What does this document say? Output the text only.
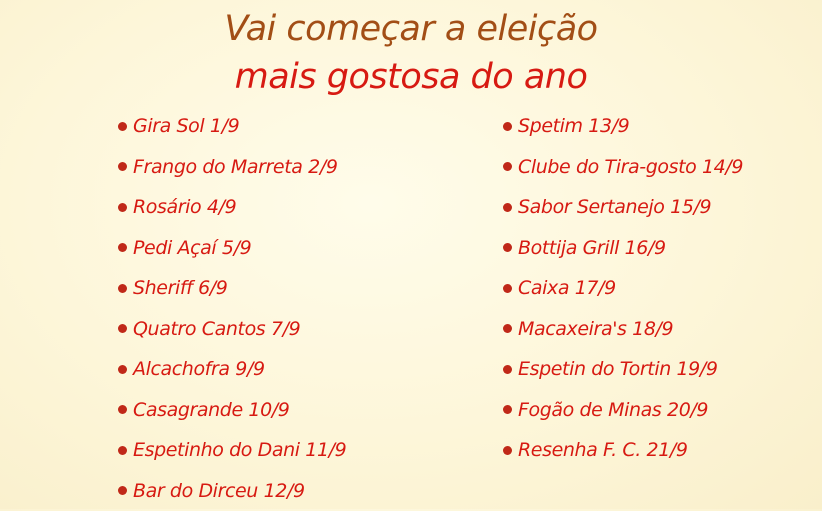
Vai começar a eleição
mais gostosa do ano
Gira Sol 1/9
Frango do Marreta 2/9
Rosário 4/9
Pedi Açaí 5/9
Sheriff 6/9
Quatro Cantos 7/9
Alcachofra 9/9
Casagrande 10/9
Espetinho do Dani 11/9
Bar do Dirceu 12/9
Spetim 13/9
Clube do Tira-gosto 14/9
Sabor Sertanejo 15/9
Bottija Grill 16/9
Caixa 17/9
Macaxeira's 18/9
Espetin do Tortin 19/9
Fogão de Minas 20/9
Resenha F. C. 21/9
